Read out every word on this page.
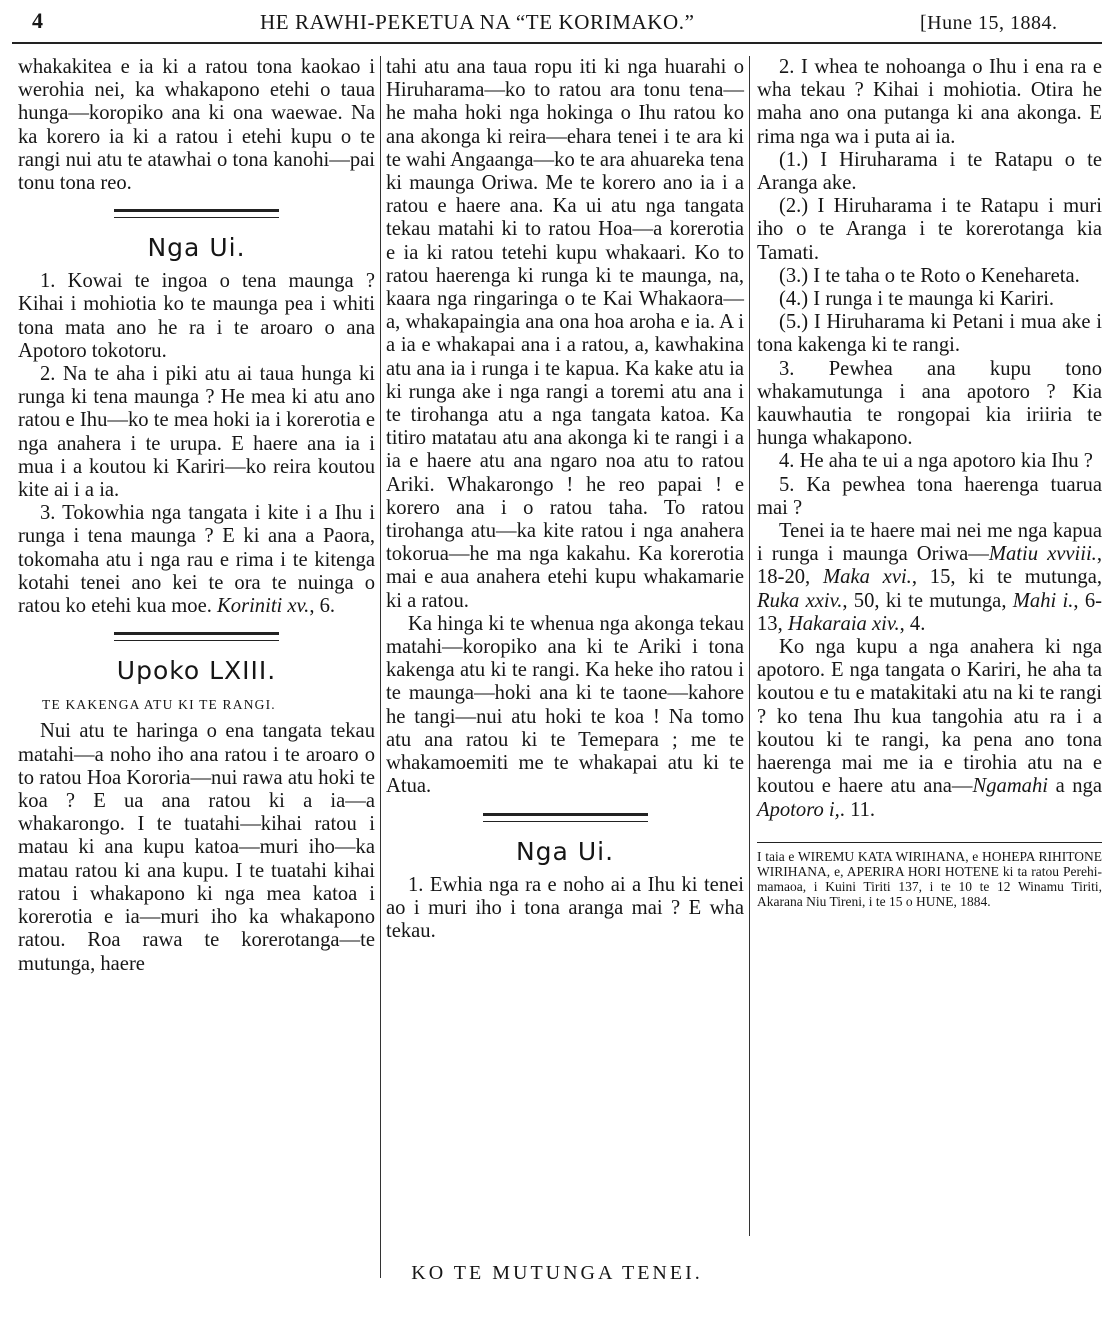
4	HE RAWHI-PEKETUA NA “TE KORIMAKO.”	[Hune 15, 1884.

whakakitea e ia ki a ratou tona kaokao i werohia nei, ka whakapono etehi o taua hunga—koropiko ana ki ona waewae. Na ka korero ia ki a ratou i etehi kupu o te rangi nui atu te atawhai o tona kanohi—pai tonu tona reo.

Nga Ui.

1. Kowai te ingoa o tena maunga ? Kihai i mohiotia ko te maunga pea i whiti tona mata ano he ra i te aroaro o ana Apotoro tokotoru.

2. Na te aha i piki atu ai taua hunga ki runga ki tena maunga ? He mea ki atu ano ratou e Ihu—ko te mea hoki ia i korerotia e nga anahera i te urupa. E haere ana ia i mua i a koutou ki Kariri—ko reira koutou kite ai i a ia.

3. Tokowhia nga tangata i kite i a Ihu i runga i tena maunga ? E ki ana a Paora, tokomaha atu i nga rau e rima i te kitenga kotahi tenei ano kei te ora te nuinga o ratou ko etehi kua moe. Koriniti xv., 6.

Upoko LXIII.
TE KAKENGA ATU KI TE RANGI.

Nui atu te haringa o ena tangata tekau matahi—a noho iho ana ratou i te aroaro o to ratou Hoa Kororia—nui rawa atu hoki te koa ? E ua ana ratou ki a ia—a whakarongo. I te tuatahi—kihai ratou i matau ki ana kupu katoa—muri iho—ka matau ratou ki ana kupu. I te tuatahi kihai ratou i whakapono ki nga mea katoa i korerotia e ia—muri iho ka whakapono ratou. Roa rawa te korerotanga—te mutunga, haere

tahi atu ana taua ropu iti ki nga huarahi o Hiruharama—ko to ratou ara tonu tena—he maha hoki nga hokinga o Ihu ratou ko ana akonga ki reira—ehara tenei i te ara ki te wahi Angaanga—ko te ara ahuareka tena ki maunga Oriwa. Me te korero ano ia i a ratou e haere ana. Ka ui atu nga tangata tekau matahi ki to ratou Hoa—a korerotia e ia ki ratou tetehi kupu whakaari. Ko to ratou haerenga ki runga ki te maunga, na, kaara nga ringaringa o te Kai Whakaora—a, whakapaingia ana ona hoa aroha e ia. A i a ia e whakapai ana i a ratou, a, kawhakina atu ana ia i runga i te kapua. Ka kake atu ia ki runga ake i nga rangi a toremi atu ana i te tirohanga atu a nga tangata katoa. Ka titiro matatau atu ana akonga ki te rangi i a ia e haere atu ana ngaro noa atu to ratou Ariki. Whakarongo ! he reo papai ! e korero ana i o ratou taha. To ratou tirohanga atu—ka kite ratou i nga anahera tokorua—he ma nga kakahu. Ka korerotia mai e aua anahera etehi kupu whakamarie ki a ratou.

Ka hinga ki te whenua nga akonga tekau matahi—koropiko ana ki te Ariki i tona kakenga atu ki te rangi. Ka heke iho ratou i te maunga—hoki ana ki te taone—kahore he tangi—nui atu hoki te koa ! Na tomo atu ana ratou ki te Temepara ; me te whakamoemiti me te whakapai atu ki te Atua.

Nga Ui.

1. Ewhia nga ra e noho ai a Ihu ki tenei ao i muri iho i tona aranga mai ? E wha tekau.

2. I whea te nohoanga o Ihu i ena ra e wha tekau ? Kihai i mohiotia. Otira he maha ano ona putanga ki ana akonga. E rima nga wa i puta ai ia.

(1.) I Hiruharama i te Ratapu o te Aranga ake.

(2.) I Hiruharama i te Ratapu i muri iho o te Aranga i te korerotanga kia Tamati.

(3.) I te taha o te Roto o Kenehareta.

(4.) I runga i te maunga ki Kariri.

(5.) I Hiruharama ki Petani i mua ake i tona kakenga ki te rangi.

3. Pewhea ana kupu tono whakamutunga i ana apotoro ? Kia kauwhautia te rongopai kia iriiria te hunga whakapono.

4. He aha te ui a nga apotoro kia Ihu ?

5. Ka pewhea tona haerenga tuarua mai ?

Tenei ia te haere mai nei me nga kapua i runga i maunga Oriwa—Matiu xvviii., 18-20, Maka xvi., 15, ki te mutunga, Ruka xxiv., 50, ki te mutunga, Mahi i., 6-13, Hakaraia xiv., 4.

Ko nga kupu a nga anahera ki nga apotoro. E nga tangata o Kariri, he aha ta koutou e tu e matakitaki atu na ki te rangi ? ko tena Ihu kua tangohia atu ra i a koutou ki te rangi, ka pena ano tona haerenga mai me ia e tirohia atu na e koutou e haere atu ana—Ngamahi a nga Apotoro i,. 11.

I taia e WIREMU KATA WIRIHANA, e HOHEPA RIHITONE WIRIHANA, e, APERIRA HORI HOTENE ki ta ratou Perehi-mamaoa, i Kuini Tiriti 137, i te 10 te 12 Winamu Tiriti, Akarana Niu Tireni, i te 15 o HUNE, 1884.

KO TE MUTUNGA TENEI.
